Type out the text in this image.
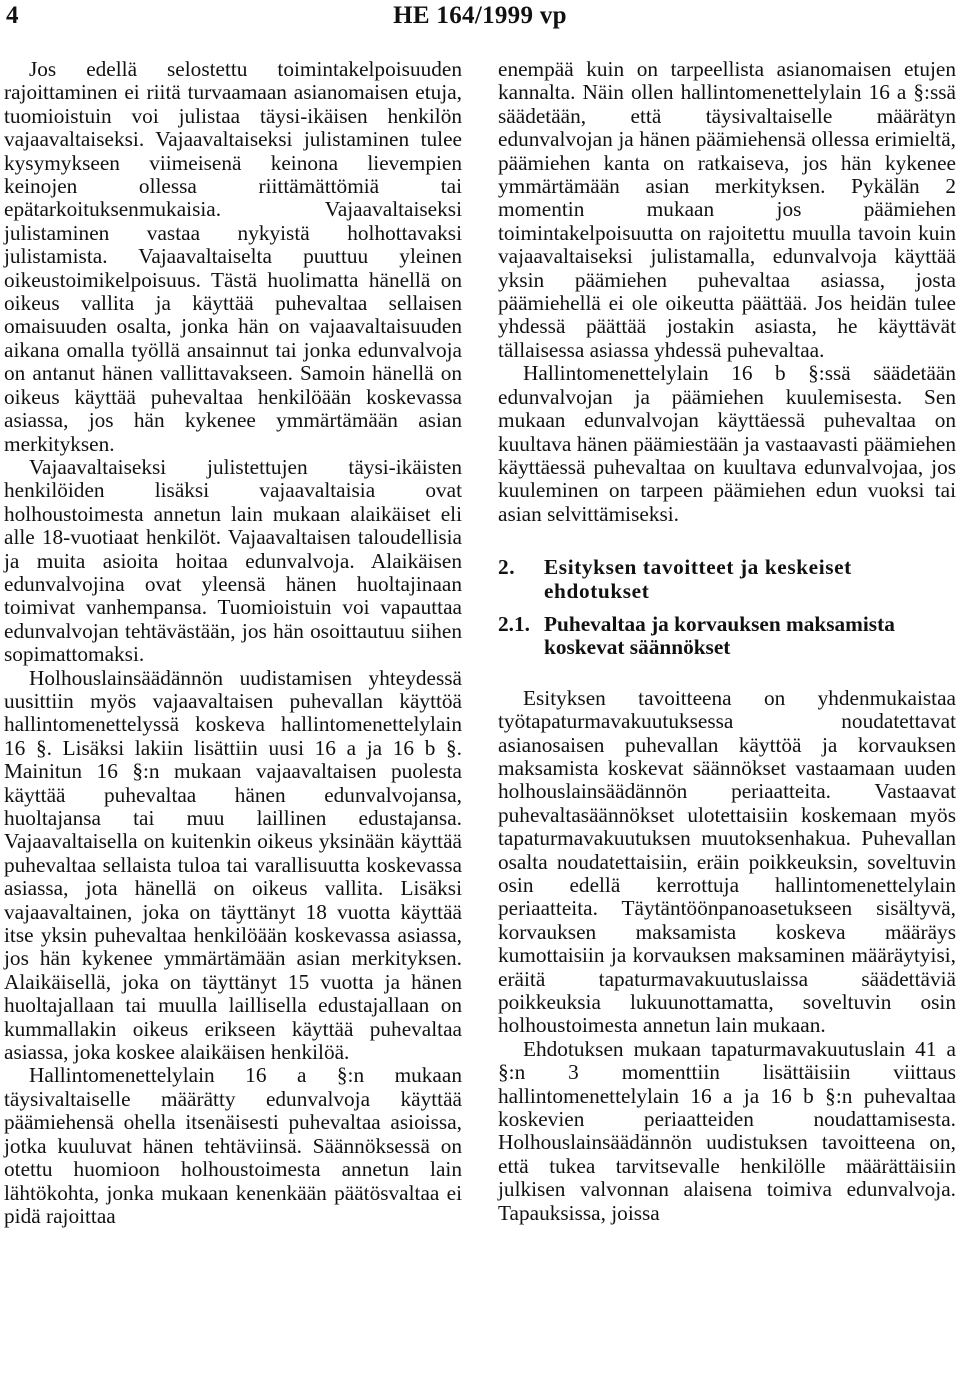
4	HE 164/1999 vp

Jos edellä selostettu toimintakelpoisuuden rajoittaminen ei riitä turvaamaan asianomaisen etuja, tuomioistuin voi julistaa täysi-ikäisen henkilön vajaavaltaiseksi. Vajaavaltaiseksi julistaminen tulee kysymykseen viimeisenä keinona lievempien keinojen ollessa riittämättömiä tai epätarkoituksenmukaisia. Vajaavaltaiseksi julistaminen vastaa nykyistä holhottavaksi julistamista. Vajaavaltaiselta puuttuu yleinen oikeustoimikelpoisuus. Tästä huolimatta hänellä on oikeus vallita ja käyttää puhevaltaa sellaisen omaisuuden osalta, jonka hän on vajaavaltaisuuden aikana omalla työllä ansainnut tai jonka edunvalvoja on antanut hänen vallittavakseen. Samoin hänellä on oikeus käyttää puhevaltaa henkilöään koskevassa asiassa, jos hän kykenee ymmärtämään asian merkityksen.

Vajaavaltaiseksi julistettujen täysi-ikäisten henkilöiden lisäksi vajaavaltaisia ovat holhoustoimesta annetun lain mukaan alaikäiset eli alle 18-vuotiaat henkilöt. Vajaavaltaisen taloudellisia ja muita asioita hoitaa edunvalvoja. Alaikäisen edunvalvojina ovat yleensä hänen huoltajinaan toimivat vanhempansa. Tuomioistuin voi vapauttaa edunvalvojan tehtävästään, jos hän osoittautuu siihen sopimattomaksi.

Holhouslainsäädännön uudistamisen yhteydessä uusittiin myös vajaavaltaisen puhevallan käyttöä hallintomenettelyssä koskeva hallintomenettelylain 16 §. Lisäksi lakiin lisättiin uusi 16 a ja 16 b §. Mainitun 16 §:n mukaan vajaavaltaisen puolesta käyttää puhevaltaa hänen edunvalvojansa, huoltajansa tai muu laillinen edustajansa. Vajaavaltaisella on kuitenkin oikeus yksinään käyttää puhevaltaa sellaista tuloa tai varallisuutta koskevassa asiassa, jota hänellä on oikeus vallita. Lisäksi vajaavaltainen, joka on täyttänyt 18 vuotta käyttää itse yksin puhevaltaa henkilöään koskevassa asiassa, jos hän kykenee ymmärtämään asian merkityksen. Alaikäisellä, joka on täyttänyt 15 vuotta ja hänen huoltajallaan tai muulla laillisella edustajallaan on kummallakin oikeus erikseen käyttää puhevaltaa asiassa, joka koskee alaikäisen henkilöä.

Hallintomenettelylain 16 a §:n mukaan täysivaltaiselle määrätty edunvalvoja käyttää päämiehensä ohella itsenäisesti puhevaltaa asioissa, jotka kuuluvat hänen tehtäviinsä. Säännöksessä on otettu huomioon holhoustoimesta annetun lain lähtökohta, jonka mukaan kenenkään päätösvaltaa ei pidä rajoittaa

enempää kuin on tarpeellista asianomaisen etujen kannalta. Näin ollen hallintomenettelylain 16 a §:ssä säädetään, että täysivaltaiselle määrätyn edunvalvojan ja hänen päämiehensä ollessa erimieltä, päämiehen kanta on ratkaiseva, jos hän kykenee ymmärtämään asian merkityksen. Pykälän 2 momentin mukaan jos päämiehen toimintakelpoisuutta on rajoitettu muulla tavoin kuin vajaavaltaiseksi julistamalla, edunvalvoja käyttää yksin päämiehen puhevaltaa asiassa, josta päämiehellä ei ole oikeutta päättää. Jos heidän tulee yhdessä päättää jostakin asiasta, he käyttävät tällaisessa asiassa yhdessä puhevaltaa.

Hallintomenettelylain 16 b §:ssä säädetään edunvalvojan ja päämiehen kuulemisesta. Sen mukaan edunvalvojan käyttäessä puhevaltaa on kuultava hänen päämiestään ja vastaavasti päämiehen käyttäessä puhevaltaa on kuultava edunvalvojaa, jos kuuleminen on tarpeen päämiehen edun vuoksi tai asian selvittämiseksi.

2.	Esityksen tavoitteet ja keskeiset ehdotukset
2.1. Puhevaltaa ja korvauksen maksamista koskevat säännökset

Esityksen tavoitteena on yhdenmukaistaa työtapaturmavakuutuksessa noudatettavat asianosaisen puhevallan käyttöä ja korvauksen maksamista koskevat säännökset vastaamaan uuden holhouslainsäädännön periaatteita. Vastaavat puhevaltasäännökset ulotettaisiin koskemaan myös tapaturmavakuutuksen muutoksenhakua. Puhevallan osalta noudatettaisiin, eräin poikkeuksin, soveltuvin osin edellä kerrottuja hallintomenettelylain periaatteita. Täytäntöönpanoasetukseen sisältyvä, korvauksen maksamista koskeva määräys kumottaisiin ja korvauksen maksaminen määräytyisi, eräitä tapaturmavakuutuslaissa säädettäviä poikkeuksia lukuunottamatta, soveltuvin osin holhoustoimesta annetun lain mukaan.

Ehdotuksen mukaan tapaturmavakuutuslain 41 a §:n 3 momenttiin lisättäisiin viittaus hallintomenettelylain 16 a ja 16 b §:n puhevaltaa koskevien periaatteiden noudattamisesta. Holhouslainsäädännön uudistuksen tavoitteena on, että tukea tarvitsevalle henkilölle määrättäisiin julkisen valvonnan alaisena toimiva edunvalvoja. Tapauksissa, joissa
